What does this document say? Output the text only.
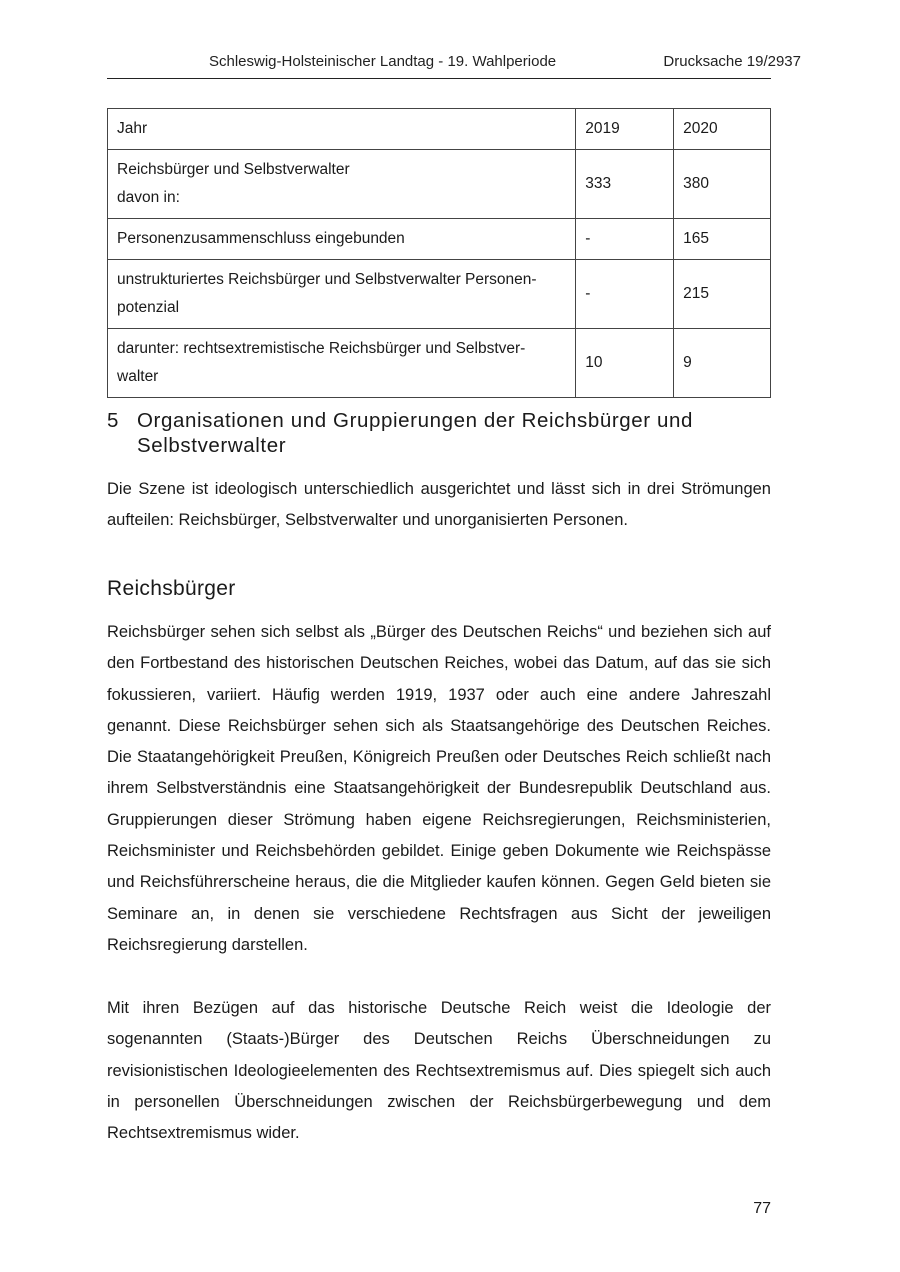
Schleswig-Holsteinischer Landtag - 19. Wahlperiode	Drucksache 19/2937
Jahr	2019	2020

Reichsbürger und Selbstverwalter
davon in:	333	380

Personenzusammenschluss eingebunden	-	165

unstrukturiertes Reichsbürger und Selbstverwalter Personen-
potenzial	-	215

darunter: rechtsextremistische Reichsbürger und Selbstver-
walter	10	9
5 Organisationen und Gruppierungen der Reichsbürger und
Selbstverwalter
Die Szene ist ideologisch unterschiedlich ausgerichtet und lässt sich in drei Strömungen aufteilen: Reichsbürger, Selbstverwalter und unorganisierten Personen.
Reichsbürger
Reichsbürger sehen sich selbst als „Bürger des Deutschen Reichs“ und beziehen sich auf den Fortbestand des historischen Deutschen Reiches, wobei das Datum, auf das sie sich fokussieren, variiert. Häufig werden 1919, 1937 oder auch eine andere Jahreszahl genannt. Diese Reichsbürger sehen sich als Staatsangehörige des Deutschen Reiches. Die Staatangehörigkeit Preußen, Königreich Preußen oder Deutsches Reich schließt nach ihrem Selbstverständnis eine Staatsangehörigkeit der Bundesrepublik Deutschland aus. Gruppierungen dieser Strömung haben eigene Reichsregierungen, Reichsministerien, Reichsminister und Reichsbehörden gebildet. Einige geben Dokumente wie Reichspässe und Reichsführerscheine heraus, die die Mitglieder kaufen können. Gegen Geld bieten sie Seminare an, in denen sie verschiedene Rechtsfragen aus Sicht der jeweiligen Reichsregierung darstellen.
Mit ihren Bezügen auf das historische Deutsche Reich weist die Ideologie der sogenannten (Staats-)Bürger des Deutschen Reichs Überschneidungen zu revisionistischen Ideologieelementen des Rechtsextremismus auf. Dies spiegelt sich auch in personellen Überschneidungen zwischen der Reichsbürgerbewegung und dem Rechtsextremismus wider.
77
